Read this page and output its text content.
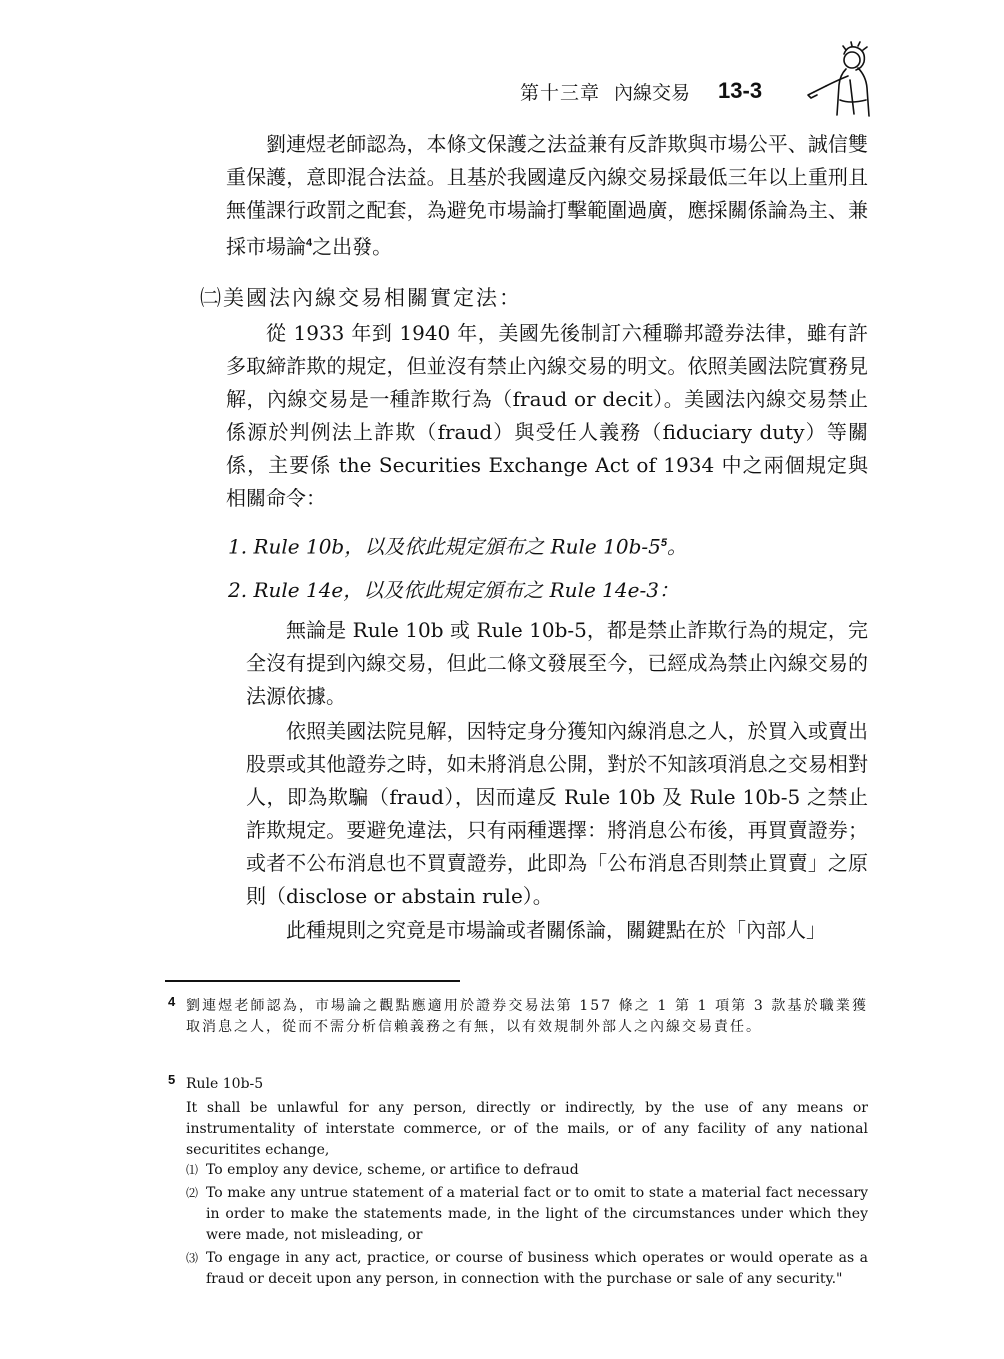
第十三章 內線交易 13-3
劉連煜老師認為，本條文保護之法益兼有反詐欺與市場公平、誠信雙重保護，意即混合法益。且基於我國違反內線交易採最低三年以上重刑且無僅課行政罰之配套，為避免市場論打擊範圍過廣，應採關係論為主、兼採市場論$^4$之出發。
㈡美國法內線交易相關實定法：
從 1933 年到 1940 年，美國先後制訂六種聯邦證券法律，雖有許多取締詐欺的規定，但並沒有禁止內線交易的明文。依照美國法院實務見解，內線交易是一種詐欺行為（fraud or decit）。美國法內線交易禁止係源於判例法上詐欺（fraud）與受任人義務（fiduciary duty）等關係，主要係 the Securities Exchange Act of 1934 中之兩個規定與相關命令：
1. Rule 10b，以及依此規定頒布之 Rule $10b-5^5$。
2. Rule 14e，以及依此規定頒布之 Rule 14e-3：
無論是 Rule 10b 或 Rule 10b-5，都是禁止詐欺行為的規定，完全沒有提到內線交易，但此二條文發展至今，已經成為禁止內線交易的法源依據。
依照美國法院見解，因特定身分獲知內線消息之人，於買入或賣出股票或其他證券之時，如未將消息公開，對於不知該項消息之交易相對人，即為欺騙（fraud），因而違反 Rule 10b 及 Rule 10b-5 之禁止詐欺規定。要避免違法，只有兩種選擇：將消息公布後，再買賣證券；或者不公布消息也不買賣證券，此即為「公布消息否則禁止買賣」之原則（disclose or abstain rule）。
此種規則之究竟是市場論或者關係論，關鍵點在於「內部人」
4 劉連煜老師認為，市場論之觀點應適用於證券交易法第 157 條之 1 第 1 項第 3 款基於職業獲取消息之人，從而不需分析信賴義務之有無，以有效規制外部人之內線交易責任。
5 Rule 10b-5
It shall be unlawful for any person, directly or indirectly, by the use of any means or instrumentality of interstate commerce, or of the mails, or of any facility of any national securitites echange,
⑴ To employ any device, scheme, or artifice to defraud
⑵ To make any untrue statement of a material fact or to omit to state a material fact necessary in order to make the statements made, in the light of the circumstances under which they were made, not misleading, or
⑶ To engage in any act, practice, or course of business which operates or would operate as a fraud or deceit upon any person, in connection with the purchase or sale of any security."
